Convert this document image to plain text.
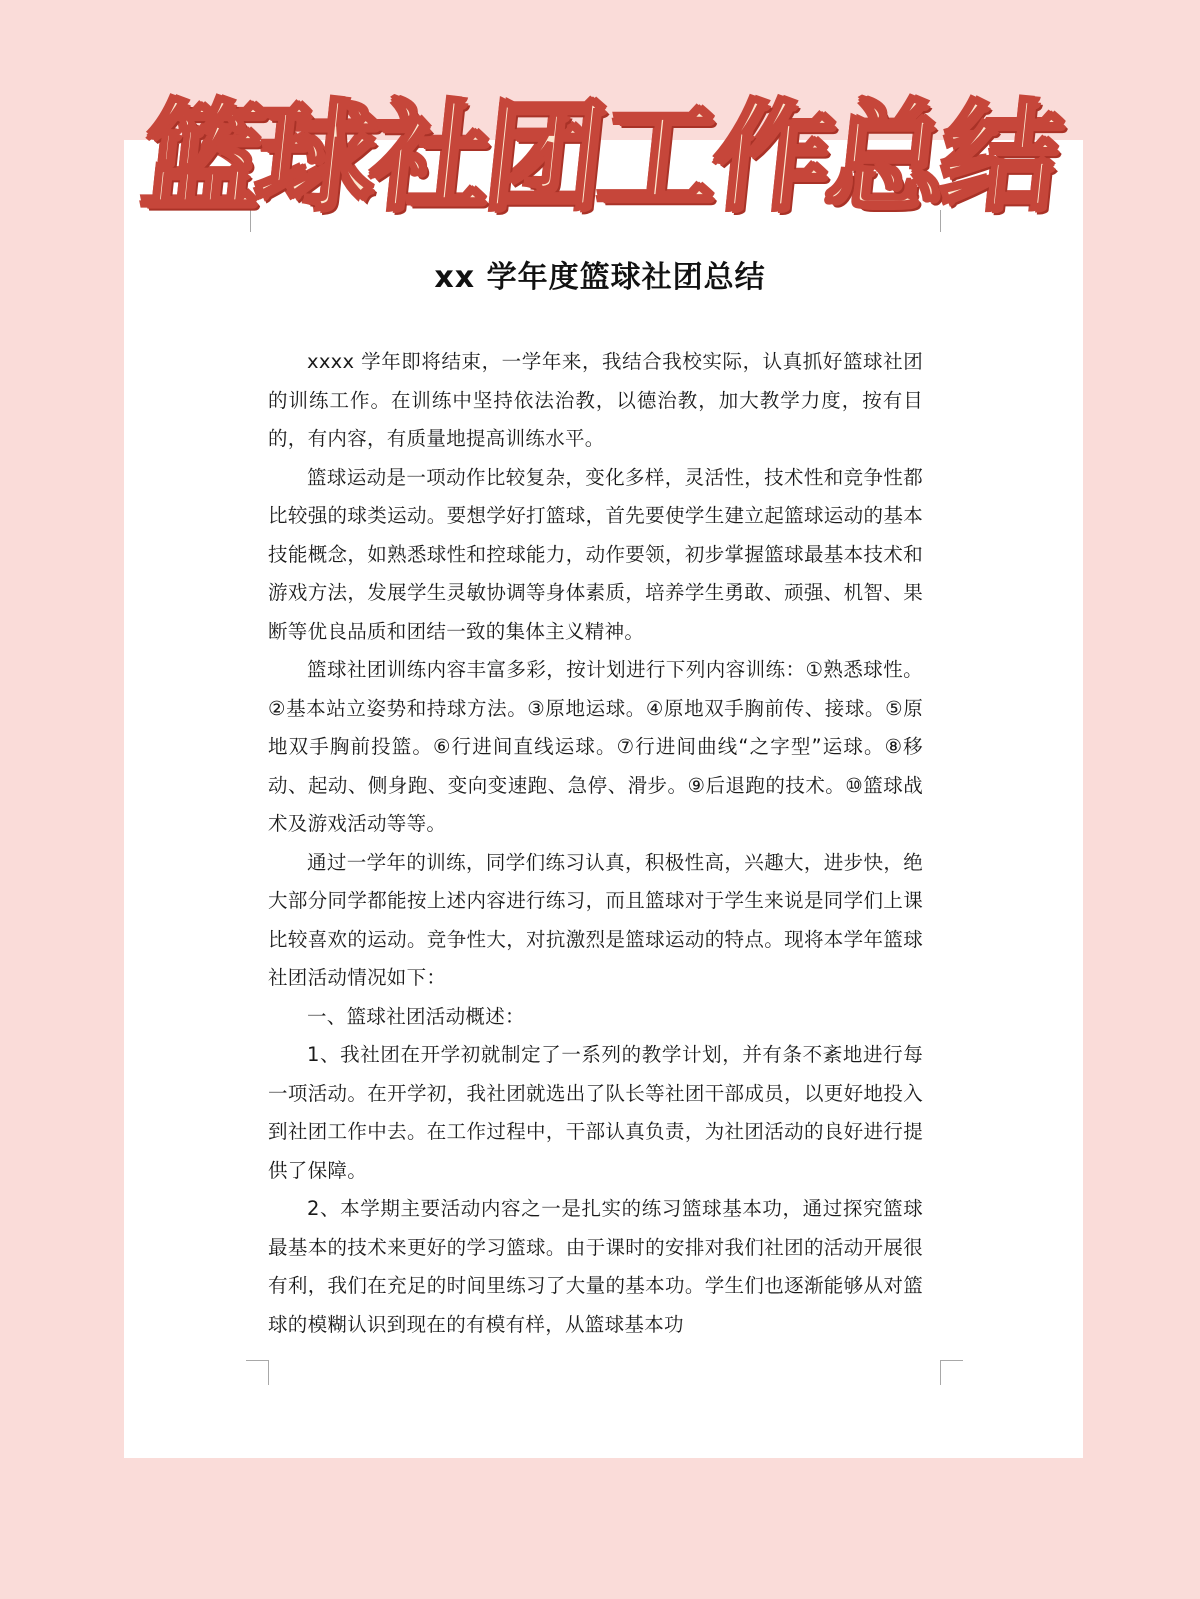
篮球社团工作总结
xx 学年度篮球社团总结

xxxx 学年即将结束，一学年来，我结合我校实际，认真抓好篮球社团的训练工作。在训练中坚持依法治教，以德治教，加大教学力度，按有目的，有内容，有质量地提高训练水平。

篮球运动是一项动作比较复杂，变化多样，灵活性，技术性和竞争性都比较强的球类运动。要想学好打篮球，首先要使学生建立起篮球运动的基本技能概念，如熟悉球性和控球能力，动作要领，初步掌握篮球最基本技术和游戏方法，发展学生灵敏协调等身体素质，培养学生勇敢、顽强、机智、果断等优良品质和团结一致的集体主义精神。

篮球社团训练内容丰富多彩，按计划进行下列内容训练：①熟悉球性。②基本站立姿势和持球方法。③原地运球。④原地双手胸前传、接球。⑤原地双手胸前投篮。⑥行进间直线运球。⑦行进间曲线“之字型”运球。⑧移动、起动、侧身跑、变向变速跑、急停、滑步。⑨后退跑的技术。⑩篮球战术及游戏活动等等。

通过一学年的训练，同学们练习认真，积极性高，兴趣大，进步快，绝大部分同学都能按上述内容进行练习，而且篮球对于学生来说是同学们上课比较喜欢的运动。竞争性大，对抗激烈是篮球运动的特点。现将本学年篮球社团活动情况如下：

一、篮球社团活动概述：

1、我社团在开学初就制定了一系列的教学计划，并有条不紊地进行每一项活动。在开学初，我社团就选出了队长等社团干部成员，以更好地投入到社团工作中去。在工作过程中，干部认真负责，为社团活动的良好进行提供了保障。

2、本学期主要活动内容之一是扎实的练习篮球基本功，通过探究篮球最基本的技术来更好的学习篮球。由于课时的安排对我们社团的活动开展很有利，我们在充足的时间里练习了大量的基本功。学生们也逐渐能够从对篮球的模糊认识到现在的有模有样，从篮球基本功
